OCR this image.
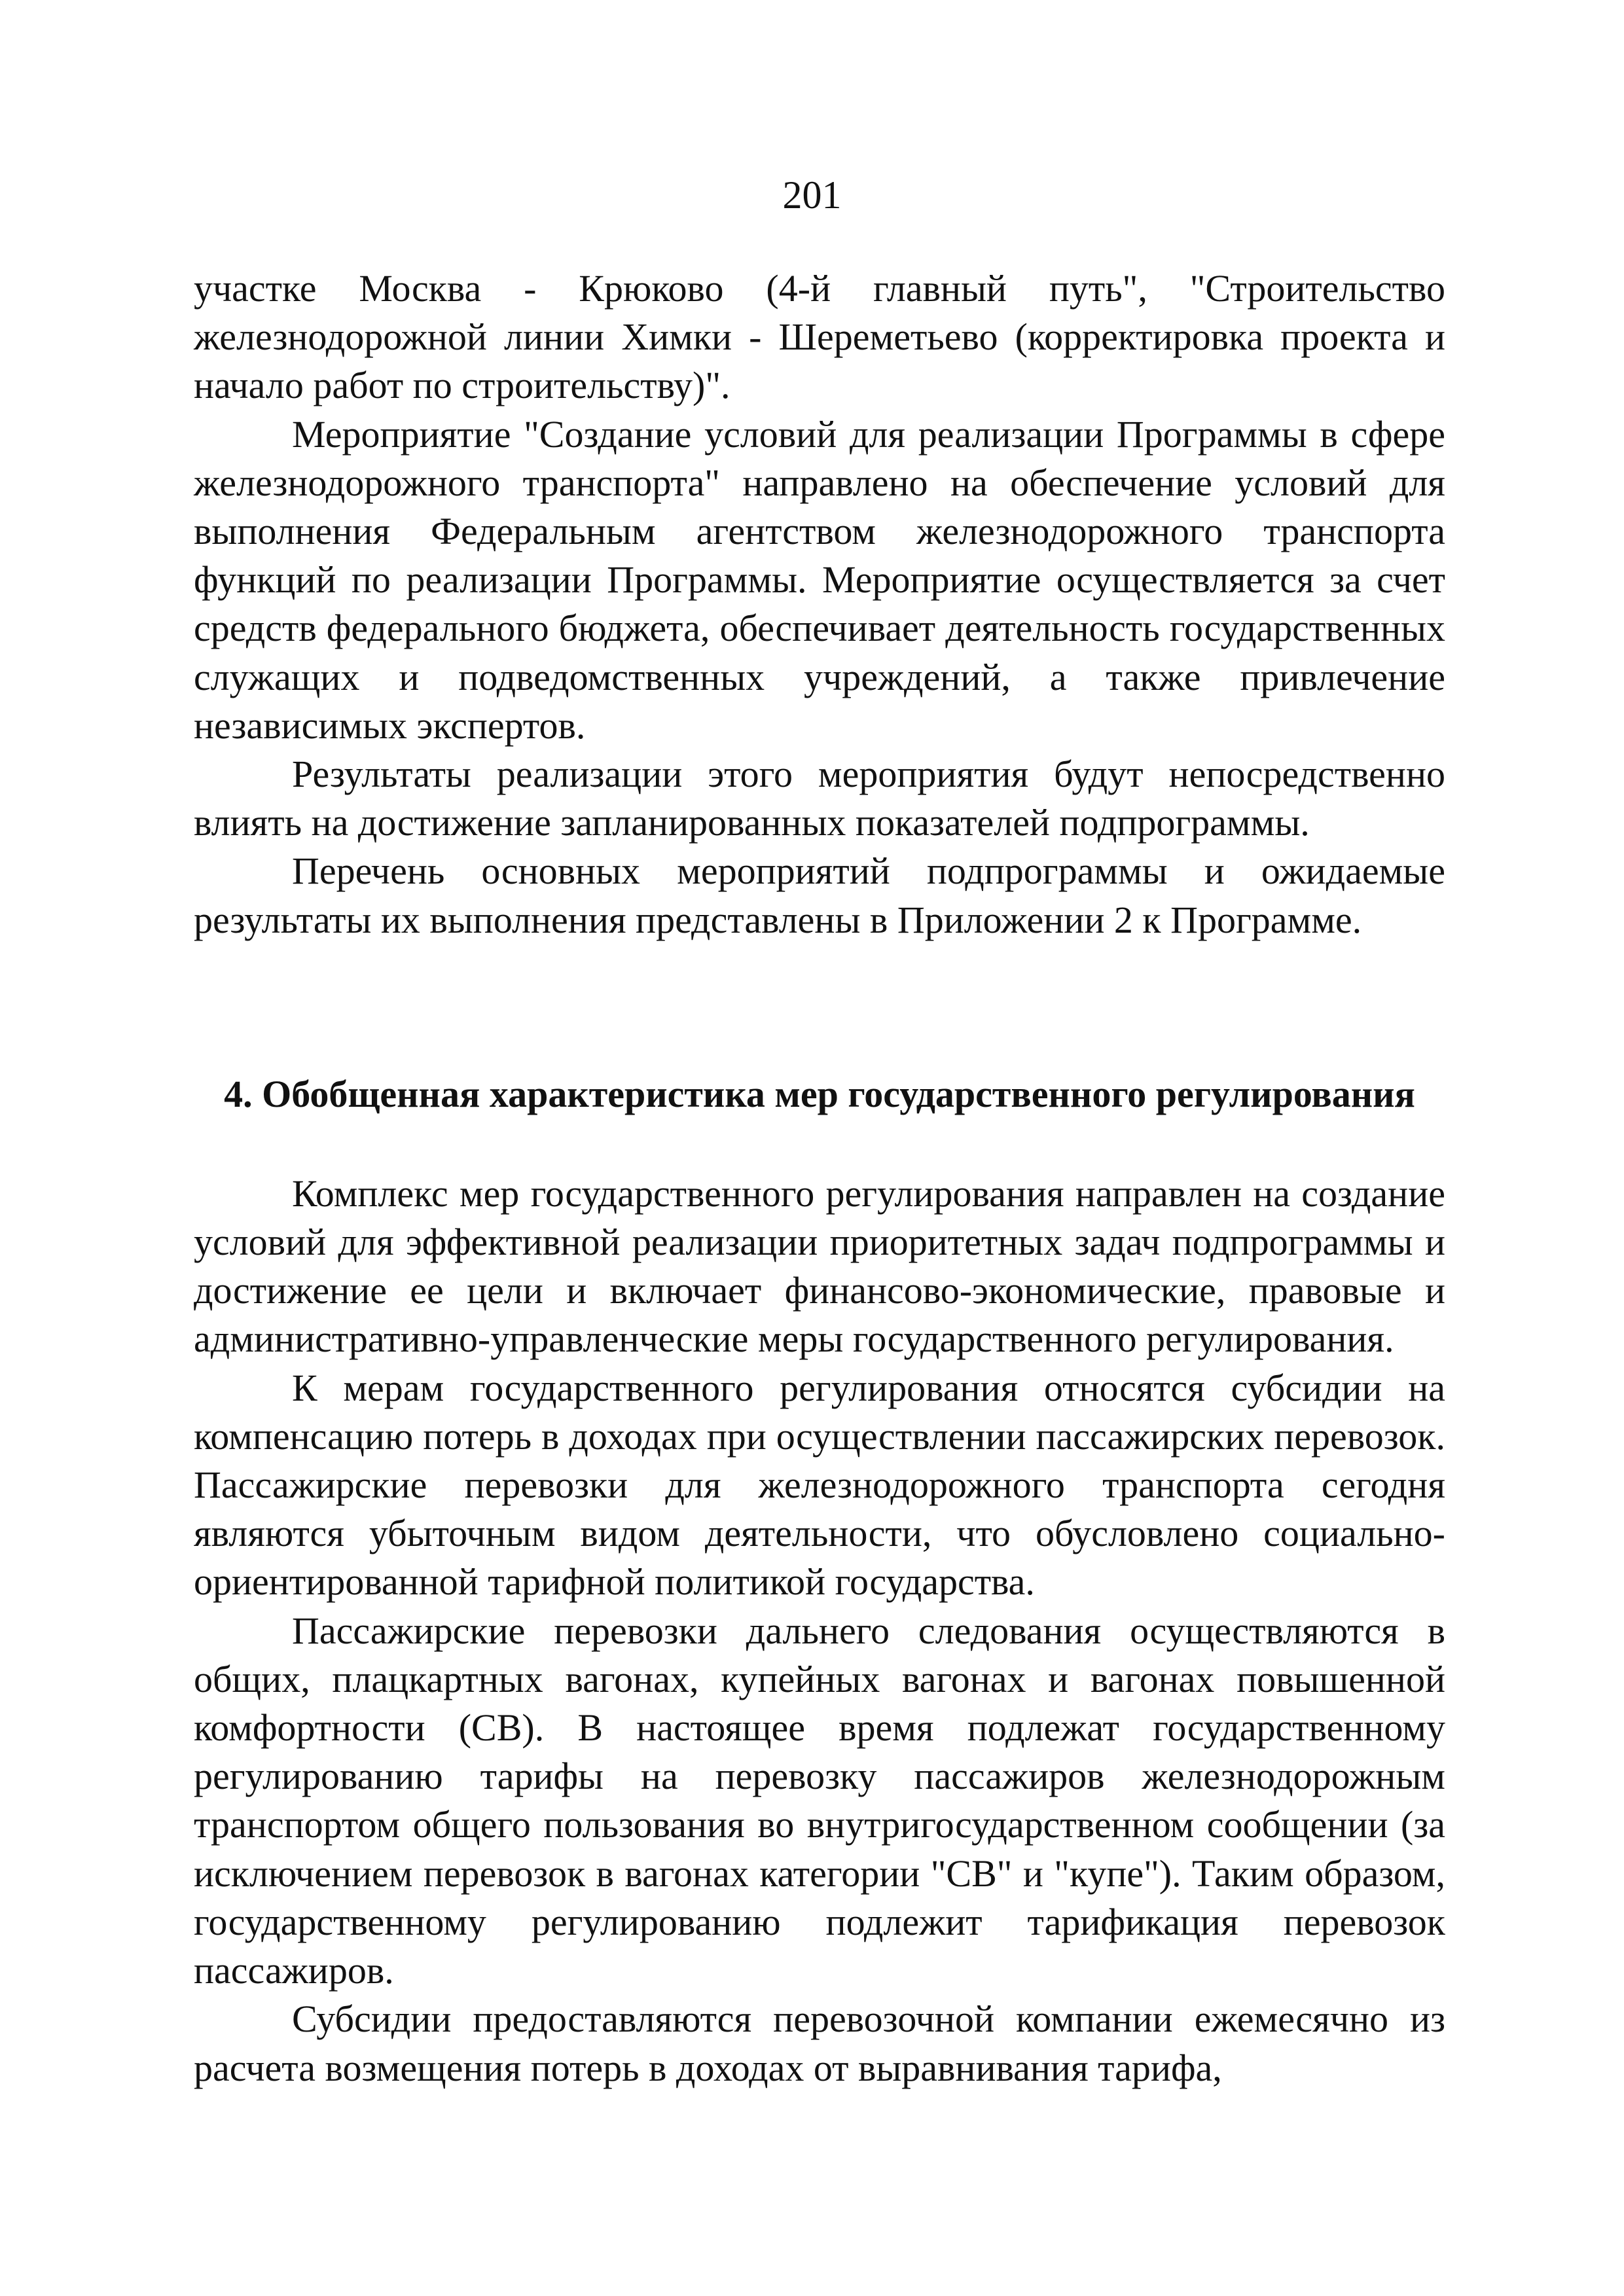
201

участке Москва - Крюково (4-й главный путь", "Строительство железнодорожной линии Химки - Шереметьево (корректировка проекта и начало работ по строительству)".

Мероприятие "Создание условий для реализации Программы в сфере железнодорожного транспорта" направлено на обеспечение условий для выполнения Федеральным агентством железнодорожного транспорта функций по реализации Программы. Мероприятие осуществляется за счет средств федерального бюджета, обеспечивает деятельность государственных служащих и подведомственных учреждений, а также привлечение независимых экспертов.

Результаты реализации этого мероприятия будут непосредственно влиять на достижение запланированных показателей подпрограммы.

Перечень основных мероприятий подпрограммы и ожидаемые результаты их выполнения представлены в Приложении 2 к Программе.

4. Обобщенная характеристика мер государственного регулирования

Комплекс мер государственного регулирования направлен на создание условий для эффективной реализации приоритетных задач подпрограммы и достижение ее цели и включает финансово-экономические, правовые и административно-управленческие меры государственного регулирования.

К мерам государственного регулирования относятся субсидии на компенсацию потерь в доходах при осуществлении пассажирских перевозок. Пассажирские перевозки для железнодорожного транспорта сегодня являются убыточным видом деятельности, что обусловлено социально-ориентированной тарифной политикой государства.

Пассажирские перевозки дальнего следования осуществляются в общих, плацкартных вагонах, купейных вагонах и вагонах повышенной комфортности (СВ). В настоящее время подлежат государственному регулированию тарифы на перевозку пассажиров железнодорожным транспортом общего пользования во внутригосударственном сообщении (за исключением перевозок в вагонах категории "СВ" и "купе"). Таким образом, государственному регулированию подлежит тарификация перевозок пассажиров.

Субсидии предоставляются перевозочной компании ежемесячно из расчета возмещения потерь в доходах от выравнивания тарифа,
